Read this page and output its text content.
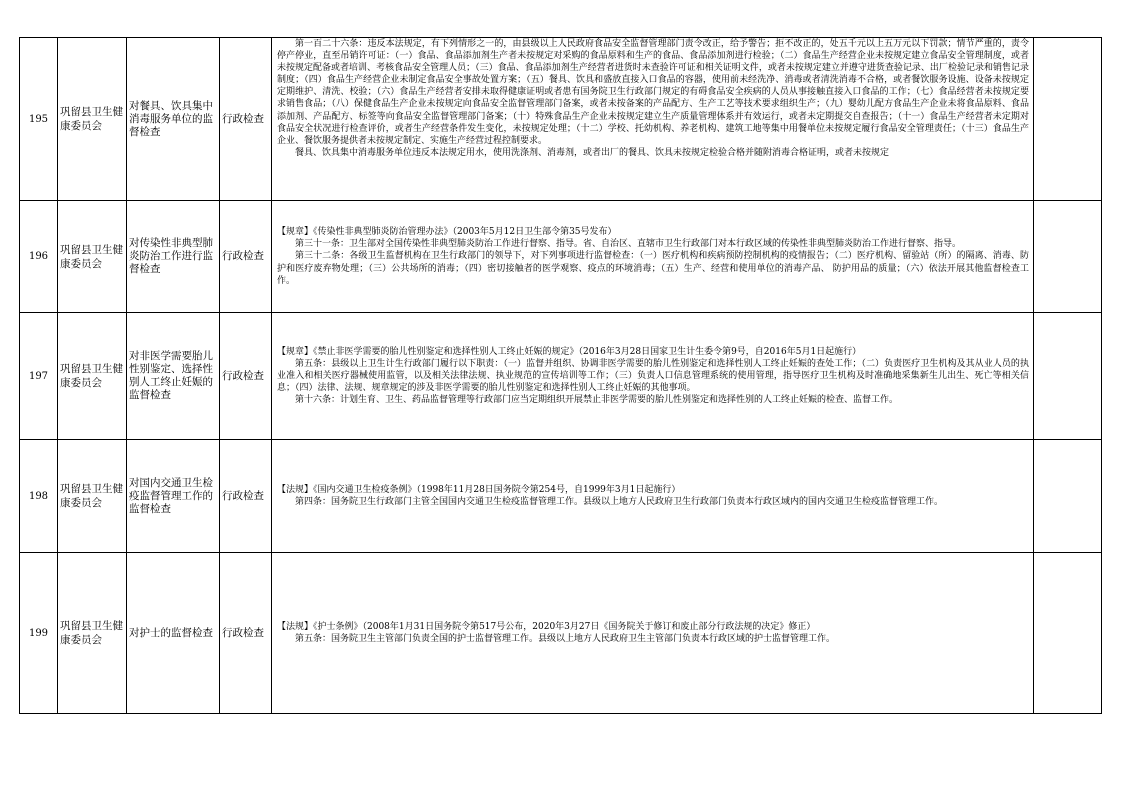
195	巩留县卫生健康委员会	对餐具、饮具集中消毒服务单位的监督检查	行政检查	第一百二十六条：违反本法规定，有下列情形之一的，由县级以上人民政府食品安全监督管理部门责令改正，给予警告；拒不改正的，处五千元以上五万元以下罚款；情节严重的，责令停产停业，直至吊销许可证：（一）食品、食品添加剂生产者未按规定对采购的食品原料和生产的食品、食品添加剂进行检验；（二）食品生产经营企业未按规定建立食品安全管理制度，或者未按规定配备或者培训、考核食品安全管理人员；（三）食品、食品添加剂生产经营者进货时未查验许可证和相关证明文件，或者未按规定建立并遵守进货查验记录、出厂检验记录和销售记录制度；（四）食品生产经营企业未制定食品安全事故处置方案；（五）餐具、饮具和盛放直接入口食品的容器，使用前未经洗净、消毒或者清洗消毒不合格，或者餐饮服务设施、设备未按规定定期维护、清洗、校验；（六）食品生产经营者安排未取得健康证明或者患有国务院卫生行政部门规定的有碍食品安全疾病的人员从事接触直接入口食品的工作；（七）食品经营者未按规定要求销售食品；（八）保健食品生产企业未按规定向食品安全监督管理部门备案，或者未按备案的产品配方、生产工艺等技术要求组织生产；（九）婴幼儿配方食品生产企业未将食品原料、食品添加剂、产品配方、标签等向食品安全监督管理部门备案；（十）特殊食品生产企业未按规定建立生产质量管理体系并有效运行，或者未定期提交自查报告；（十一）食品生产经营者未定期对食品安全状况进行检查评价，或者生产经营条件发生变化，未按规定处理；（十二）学校、托幼机构、养老机构、建筑工地等集中用餐单位未按规定履行食品安全管理责任；（十三）食品生产企业、餐饮服务提供者未按规定制定、实施生产经营过程控制要求。

餐具、饮具集中消毒服务单位违反本法规定用水，使用洗涤剂、消毒剂，或者出厂的餐具、饮具未按规定检验合格并随附消毒合格证明，或者未按规定	

196	巩留县卫生健康委员会	对传染性非典型肺炎防治工作进行监督检查	行政检查	【规章】《传染性非典型肺炎防治管理办法》（2003年5月12日卫生部令第35号发布）

第三十一条：卫生部对全国传染性非典型肺炎防治工作进行督察、指导。省、自治区、直辖市卫生行政部门对本行政区域的传染性非典型肺炎防治工作进行督察、指导。

第三十二条：各级卫生监督机构在卫生行政部门的领导下，对下列事项进行监督检查：（一）医疗机构和疾病预防控制机构的疫情报告；（二）医疗机构、留验站（所）的隔离、消毒、防护和医疗废弃物处理；（三）公共场所的消毒；（四）密切接触者的医学观察、疫点的环境消毒；（五）生产、经营和使用单位的消毒产品、 防护用品的质量；（六）依法开展其他监督检查工作。	

197	巩留县卫生健康委员会	对非医学需要胎儿性别鉴定、选择性别人工终止妊娠的监督检查	行政检查	【规章】《禁止非医学需要的胎儿性别鉴定和选择性别人工终止妊娠的规定》（2016年3月28日国家卫生计生委令第9号，自2016年5月1日起施行）

第五条：县级以上卫生计生行政部门履行以下职责：（一）监督并组织、协调非医学需要的胎儿性别鉴定和选择性别人工终止妊娠的查处工作；（二）负责医疗卫生机构及其从业人员的执业准入和相关医疗器械使用监管，以及相关法律法规、执业规范的宣传培训等工作；（三）负责人口信息管理系统的使用管理，指导医疗卫生机构及时准确地采集新生儿出生、死亡等相关信息；（四）法律、法规、规章规定的涉及非医学需要的胎儿性别鉴定和选择性别人工终止妊娠的其他事项。

第十六条：计划生育、卫生、药品监督管理等行政部门应当定期组织开展禁止非医学需要的胎儿性别鉴定和选择性别的人工终止妊娠的检查、监督工作。	

198	巩留县卫生健康委员会	对国内交通卫生检疫监督管理工作的监督检查	行政检查	【法规】《国内交通卫生检疫条例》（1998年11月28日国务院令第254号，自1999年3月1日起施行）

第四条：国务院卫生行政部门主管全国国内交通卫生检疫监督管理工作。县级以上地方人民政府卫生行政部门负责本行政区域内的国内交通卫生检疫监督管理工作。	

199	巩留县卫生健康委员会	对护士的监督检查	行政检查	【法规】《护士条例》（2008年1月31日国务院令第517号公布，2020年3月27日《国务院关于修订和废止部分行政法规的决定》修正）

第五条：国务院卫生主管部门负责全国的护士监督管理工作。县级以上地方人民政府卫生主管部门负责本行政区域的护士监督管理工作。	
